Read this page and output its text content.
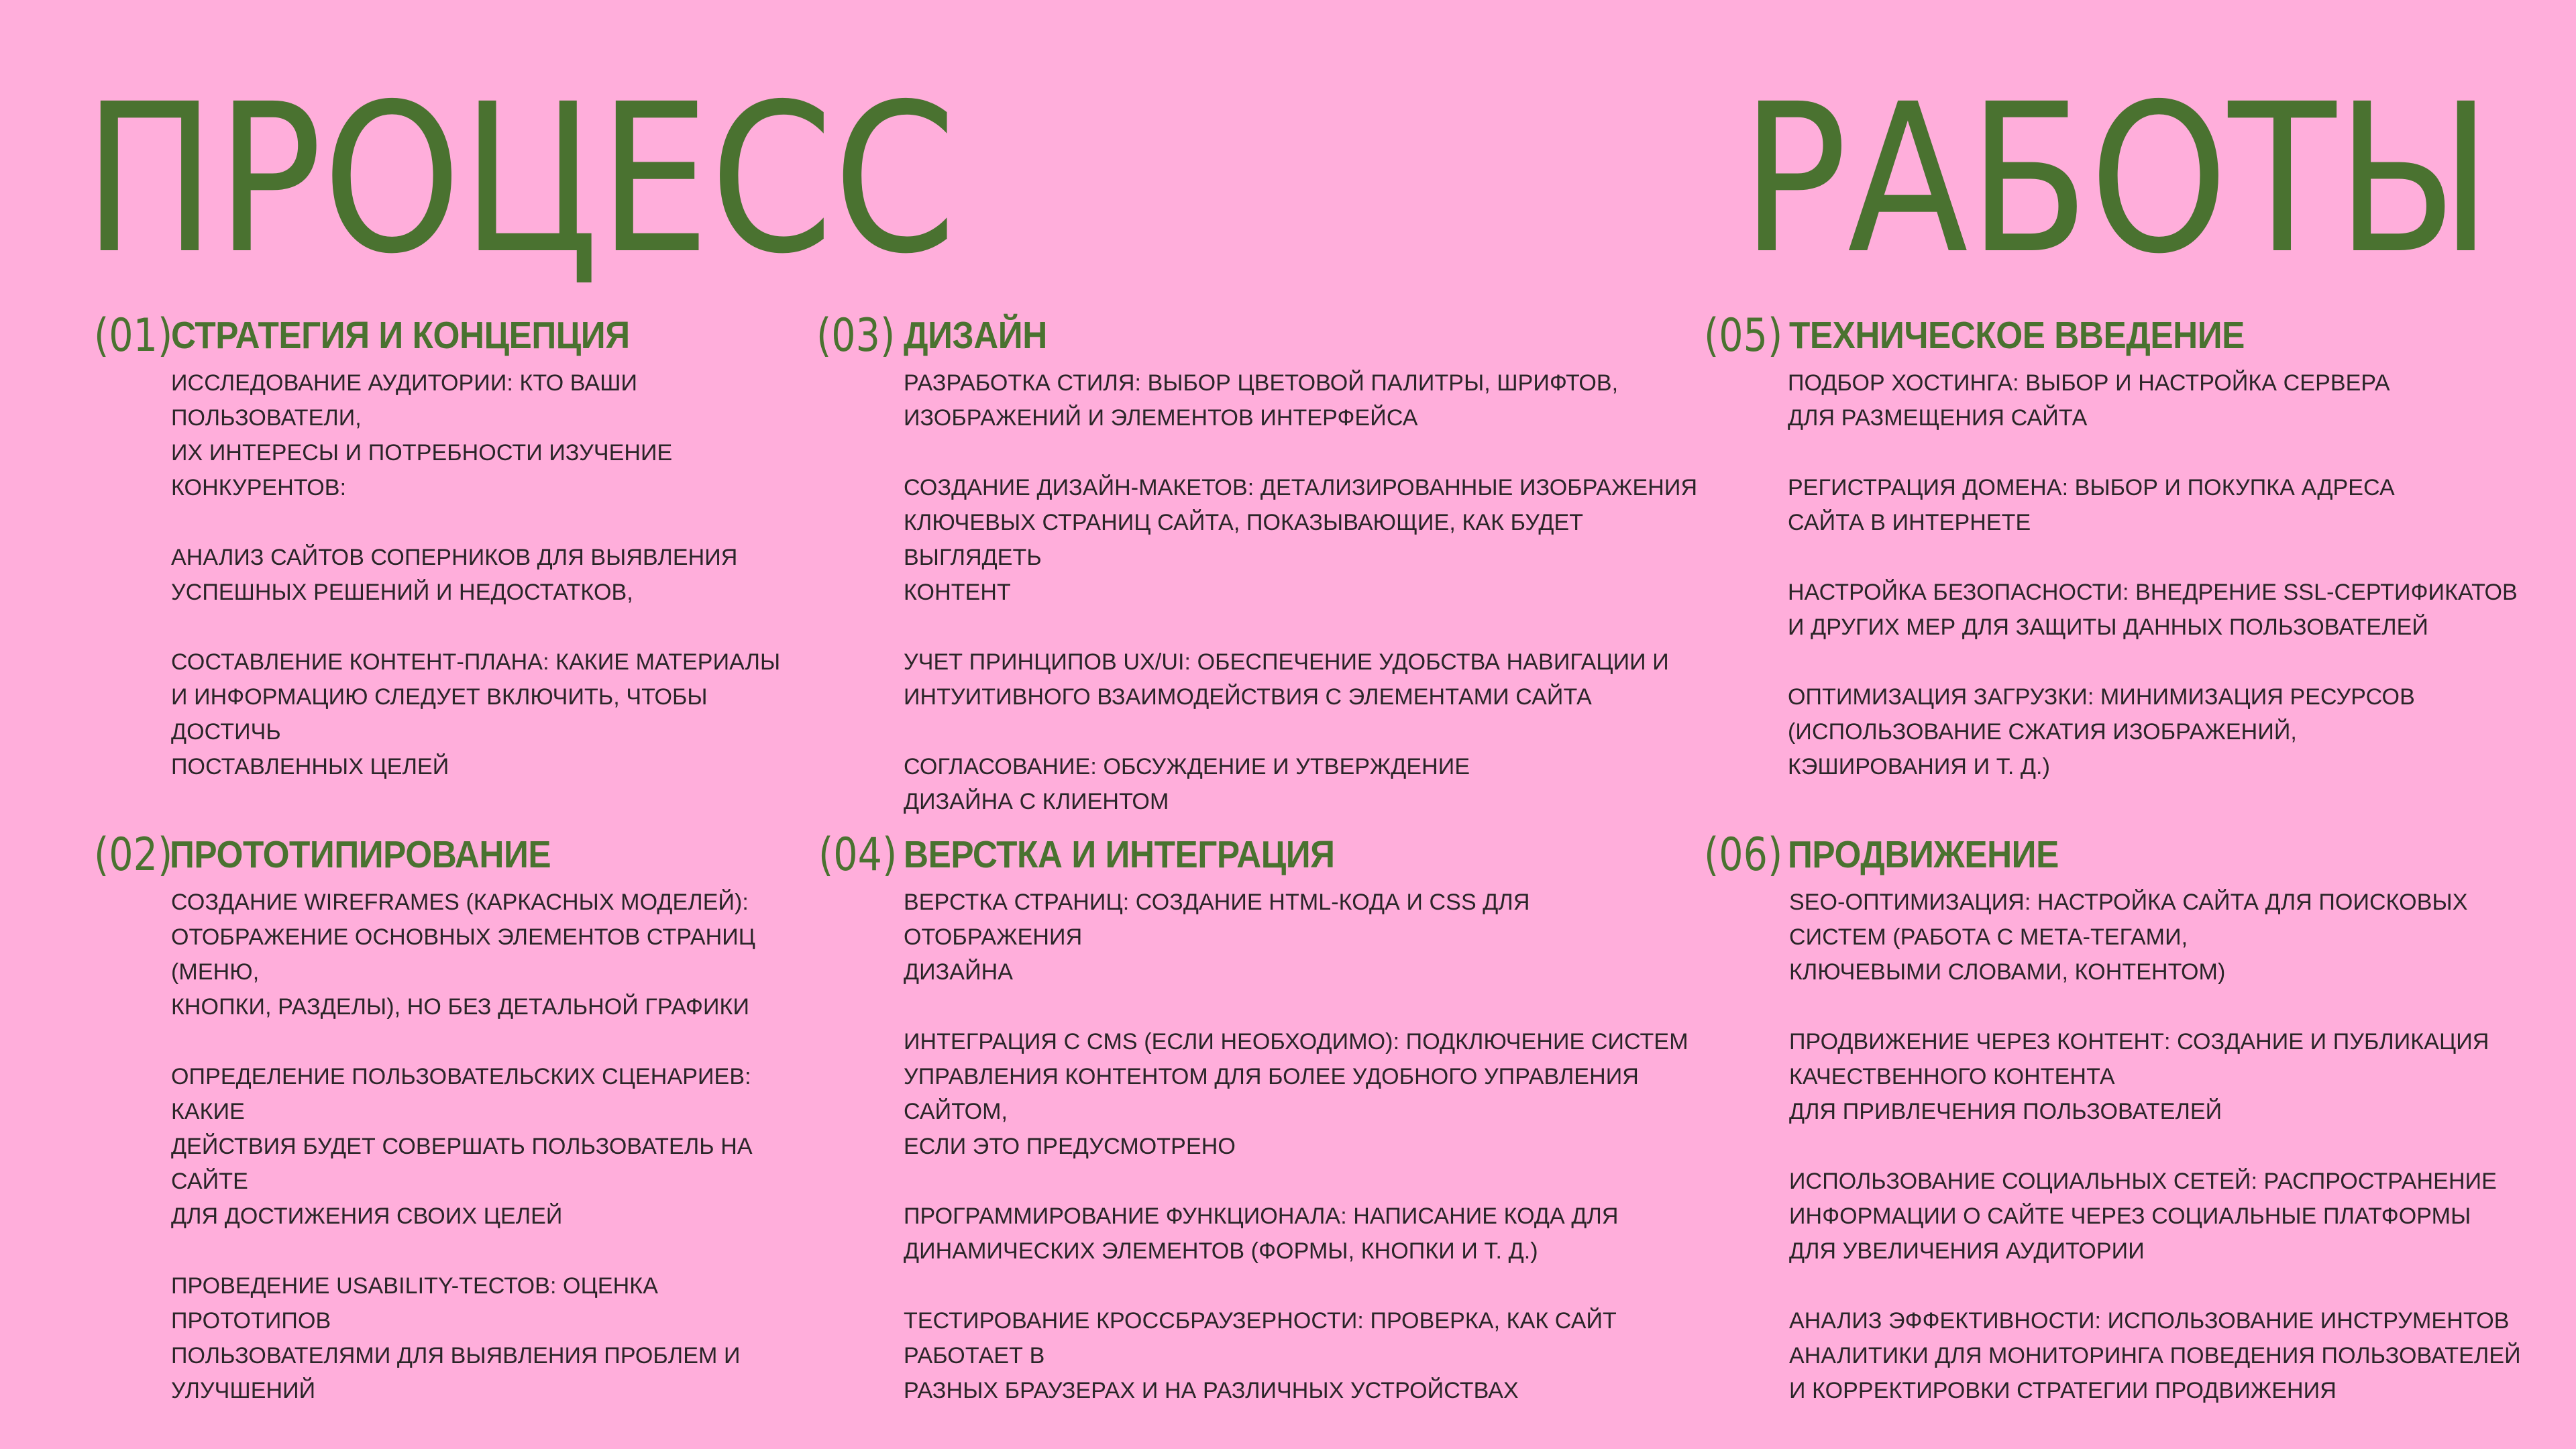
ПРОЦЕСС	РАБОТЫ
(01)
СТРАТЕГИЯ И КОНЦЕПЦИЯ
ИССЛЕДОВАНИЕ АУДИТОРИИ: КТО ВАШИ ПОЛЬЗОВАТЕЛИ,
ИХ ИНТЕРЕСЫ И ПОТРЕБНОСТИ ИЗУЧЕНИЕ КОНКУРЕНТОВ:
АНАЛИЗ САЙТОВ СОПЕРНИКОВ ДЛЯ ВЫЯВЛЕНИЯ
УСПЕШНЫХ РЕШЕНИЙ И НЕДОСТАТКОВ,
СОСТАВЛЕНИЕ КОНТЕНТ-ПЛАНА: КАКИЕ МАТЕРИАЛЫ
И ИНФОРМАЦИЮ СЛЕДУЕТ ВКЛЮЧИТЬ, ЧТОБЫ ДОСТИЧЬ
ПОСТАВЛЕННЫХ ЦЕЛЕЙ
(02)
ПРОТОТИПИРОВАНИЕ
СОЗДАНИЕ WIREFRAMES (КАРКАСНЫХ МОДЕЛЕЙ):
ОТОБРАЖЕНИЕ ОСНОВНЫХ ЭЛЕМЕНТОВ СТРАНИЦ (МЕНЮ,
КНОПКИ, РАЗДЕЛЫ), НО БЕЗ ДЕТАЛЬНОЙ ГРАФИКИ
ОПРЕДЕЛЕНИЕ ПОЛЬЗОВАТЕЛЬСКИХ СЦЕНАРИЕВ: КАКИЕ
ДЕЙСТВИЯ БУДЕТ СОВЕРШАТЬ ПОЛЬЗОВАТЕЛЬ НА САЙТЕ
ДЛЯ ДОСТИЖЕНИЯ СВОИХ ЦЕЛЕЙ
ПРОВЕДЕНИЕ USABILITY-ТЕСТОВ: ОЦЕНКА ПРОТОТИПОВ
ПОЛЬЗОВАТЕЛЯМИ ДЛЯ ВЫЯВЛЕНИЯ ПРОБЛЕМ И
УЛУЧШЕНИЙ
(03) ДИЗАЙН
РАЗРАБОТКА СТИЛЯ: ВЫБОР ЦВЕТОВОЙ ПАЛИТРЫ, ШРИФТОВ,
ИЗОБРАЖЕНИЙ И ЭЛЕМЕНТОВ ИНТЕРФЕЙСА
СОЗДАНИЕ ДИЗАЙН-МАКЕТОВ: ДЕТАЛИЗИРОВАННЫЕ ИЗОБРАЖЕНИЯ
КЛЮЧЕВЫХ СТРАНИЦ САЙТА, ПОКАЗЫВАЮЩИЕ, КАК БУДЕТ ВЫГЛЯДЕТЬ
КОНТЕНТ
УЧЕТ ПРИНЦИПОВ UX/UI: ОБЕСПЕЧЕНИЕ УДОБСТВА НАВИГАЦИИ И
ИНТУИТИВНОГО ВЗАИМОДЕЙСТВИЯ С ЭЛЕМЕНТАМИ САЙТА
СОГЛАСОВАНИЕ: ОБСУЖДЕНИЕ И УТВЕРЖДЕНИЕ
ДИЗАЙНА С КЛИЕНТОМ
(04) ВЕРСТКА И ИНТЕГРАЦИЯ
ВЕРСТКА СТРАНИЦ: СОЗДАНИЕ HTML-КОДА И CSS ДЛЯ ОТОБРАЖЕНИЯ
ДИЗАЙНА
ИНТЕГРАЦИЯ С CMS (ЕСЛИ НЕОБХОДИМО): ПОДКЛЮЧЕНИЕ СИСТЕМ
УПРАВЛЕНИЯ КОНТЕНТОМ ДЛЯ БОЛЕЕ УДОБНОГО УПРАВЛЕНИЯ САЙТОМ,
ЕСЛИ ЭТО ПРЕДУСМОТРЕНО
ПРОГРАММИРОВАНИЕ ФУНКЦИОНАЛА: НАПИСАНИЕ КОДА ДЛЯ
ДИНАМИЧЕСКИХ ЭЛЕМЕНТОВ (ФОРМЫ, КНОПКИ И Т. Д.)
ТЕСТИРОВАНИЕ КРОССБРАУЗЕРНОСТИ: ПРОВЕРКА, КАК САЙТ РАБОТАЕТ В
РАЗНЫХ БРАУЗЕРАХ И НА РАЗЛИЧНЫХ УСТРОЙСТВАХ
(05) ТЕХНИЧЕСКОЕ ВВЕДЕНИЕ
ПОДБОР ХОСТИНГА: ВЫБОР И НАСТРОЙКА СЕРВЕРА
ДЛЯ РАЗМЕЩЕНИЯ САЙТА
РЕГИСТРАЦИЯ ДОМЕНА: ВЫБОР И ПОКУПКА АДРЕСА
САЙТА В ИНТЕРНЕТЕ
НАСТРОЙКА БЕЗОПАСНОСТИ: ВНЕДРЕНИЕ SSL-СЕРТИФИКАТОВ
И ДРУГИХ МЕР ДЛЯ ЗАЩИТЫ ДАННЫХ ПОЛЬЗОВАТЕЛЕЙ
ОПТИМИЗАЦИЯ ЗАГРУЗКИ: МИНИМИЗАЦИЯ РЕСУРСОВ
(ИСПОЛЬЗОВАНИЕ СЖАТИЯ ИЗОБРАЖЕНИЙ,
КЭШИРОВАНИЯ И Т. Д.)
(06) ПРОДВИЖЕНИЕ
SEO-ОПТИМИЗАЦИЯ: НАСТРОЙКА САЙТА ДЛЯ ПОИСКОВЫХ
СИСТЕМ (РАБОТА С МЕТА-ТЕГАМИ,
КЛЮЧЕВЫМИ СЛОВАМИ, КОНТЕНТОМ)
ПРОДВИЖЕНИЕ ЧЕРЕЗ КОНТЕНТ: СОЗДАНИЕ И ПУБЛИКАЦИЯ
КАЧЕСТВЕННОГО КОНТЕНТА
ДЛЯ ПРИВЛЕЧЕНИЯ ПОЛЬЗОВАТЕЛЕЙ
ИСПОЛЬЗОВАНИЕ СОЦИАЛЬНЫХ СЕТЕЙ: РАСПРОСТРАНЕНИЕ
ИНФОРМАЦИИ О САЙТЕ ЧЕРЕЗ СОЦИАЛЬНЫЕ ПЛАТФОРМЫ
ДЛЯ УВЕЛИЧЕНИЯ АУДИТОРИИ
АНАЛИЗ ЭФФЕКТИВНОСТИ: ИСПОЛЬЗОВАНИЕ ИНСТРУМЕНТОВ
АНАЛИТИКИ ДЛЯ МОНИТОРИНГА ПОВЕДЕНИЯ ПОЛЬЗОВАТЕЛЕЙ
И КОРРЕКТИРОВКИ СТРАТЕГИИ ПРОДВИЖЕНИЯ
